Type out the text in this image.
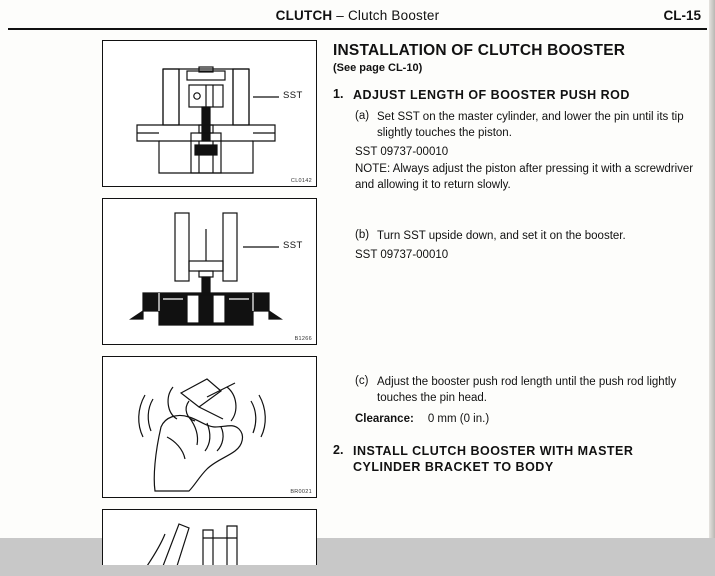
CLUTCH – Clutch Booster	CL-15
SST
CL0142
SST
B1266
BR0021
INSTALLATION OF CLUTCH BOOSTER
(See page CL-10)
1. ADJUST LENGTH OF BOOSTER PUSH ROD
(a) Set SST on the master cylinder, and lower the pin until its tip slightly touches the piston.
SST 09737-00010
NOTE: Always adjust the piston after pressing it with a screwdriver and allowing it to return slowly.
(b) Turn SST upside down, and set it on the booster.
SST 09737-00010
(c) Adjust the booster push rod length until the push rod lightly touches the pin head.
Clearance: 0 mm (0 in.)
2. INSTALL CLUTCH BOOSTER WITH MASTER CYLINDER BRACKET TO BODY
